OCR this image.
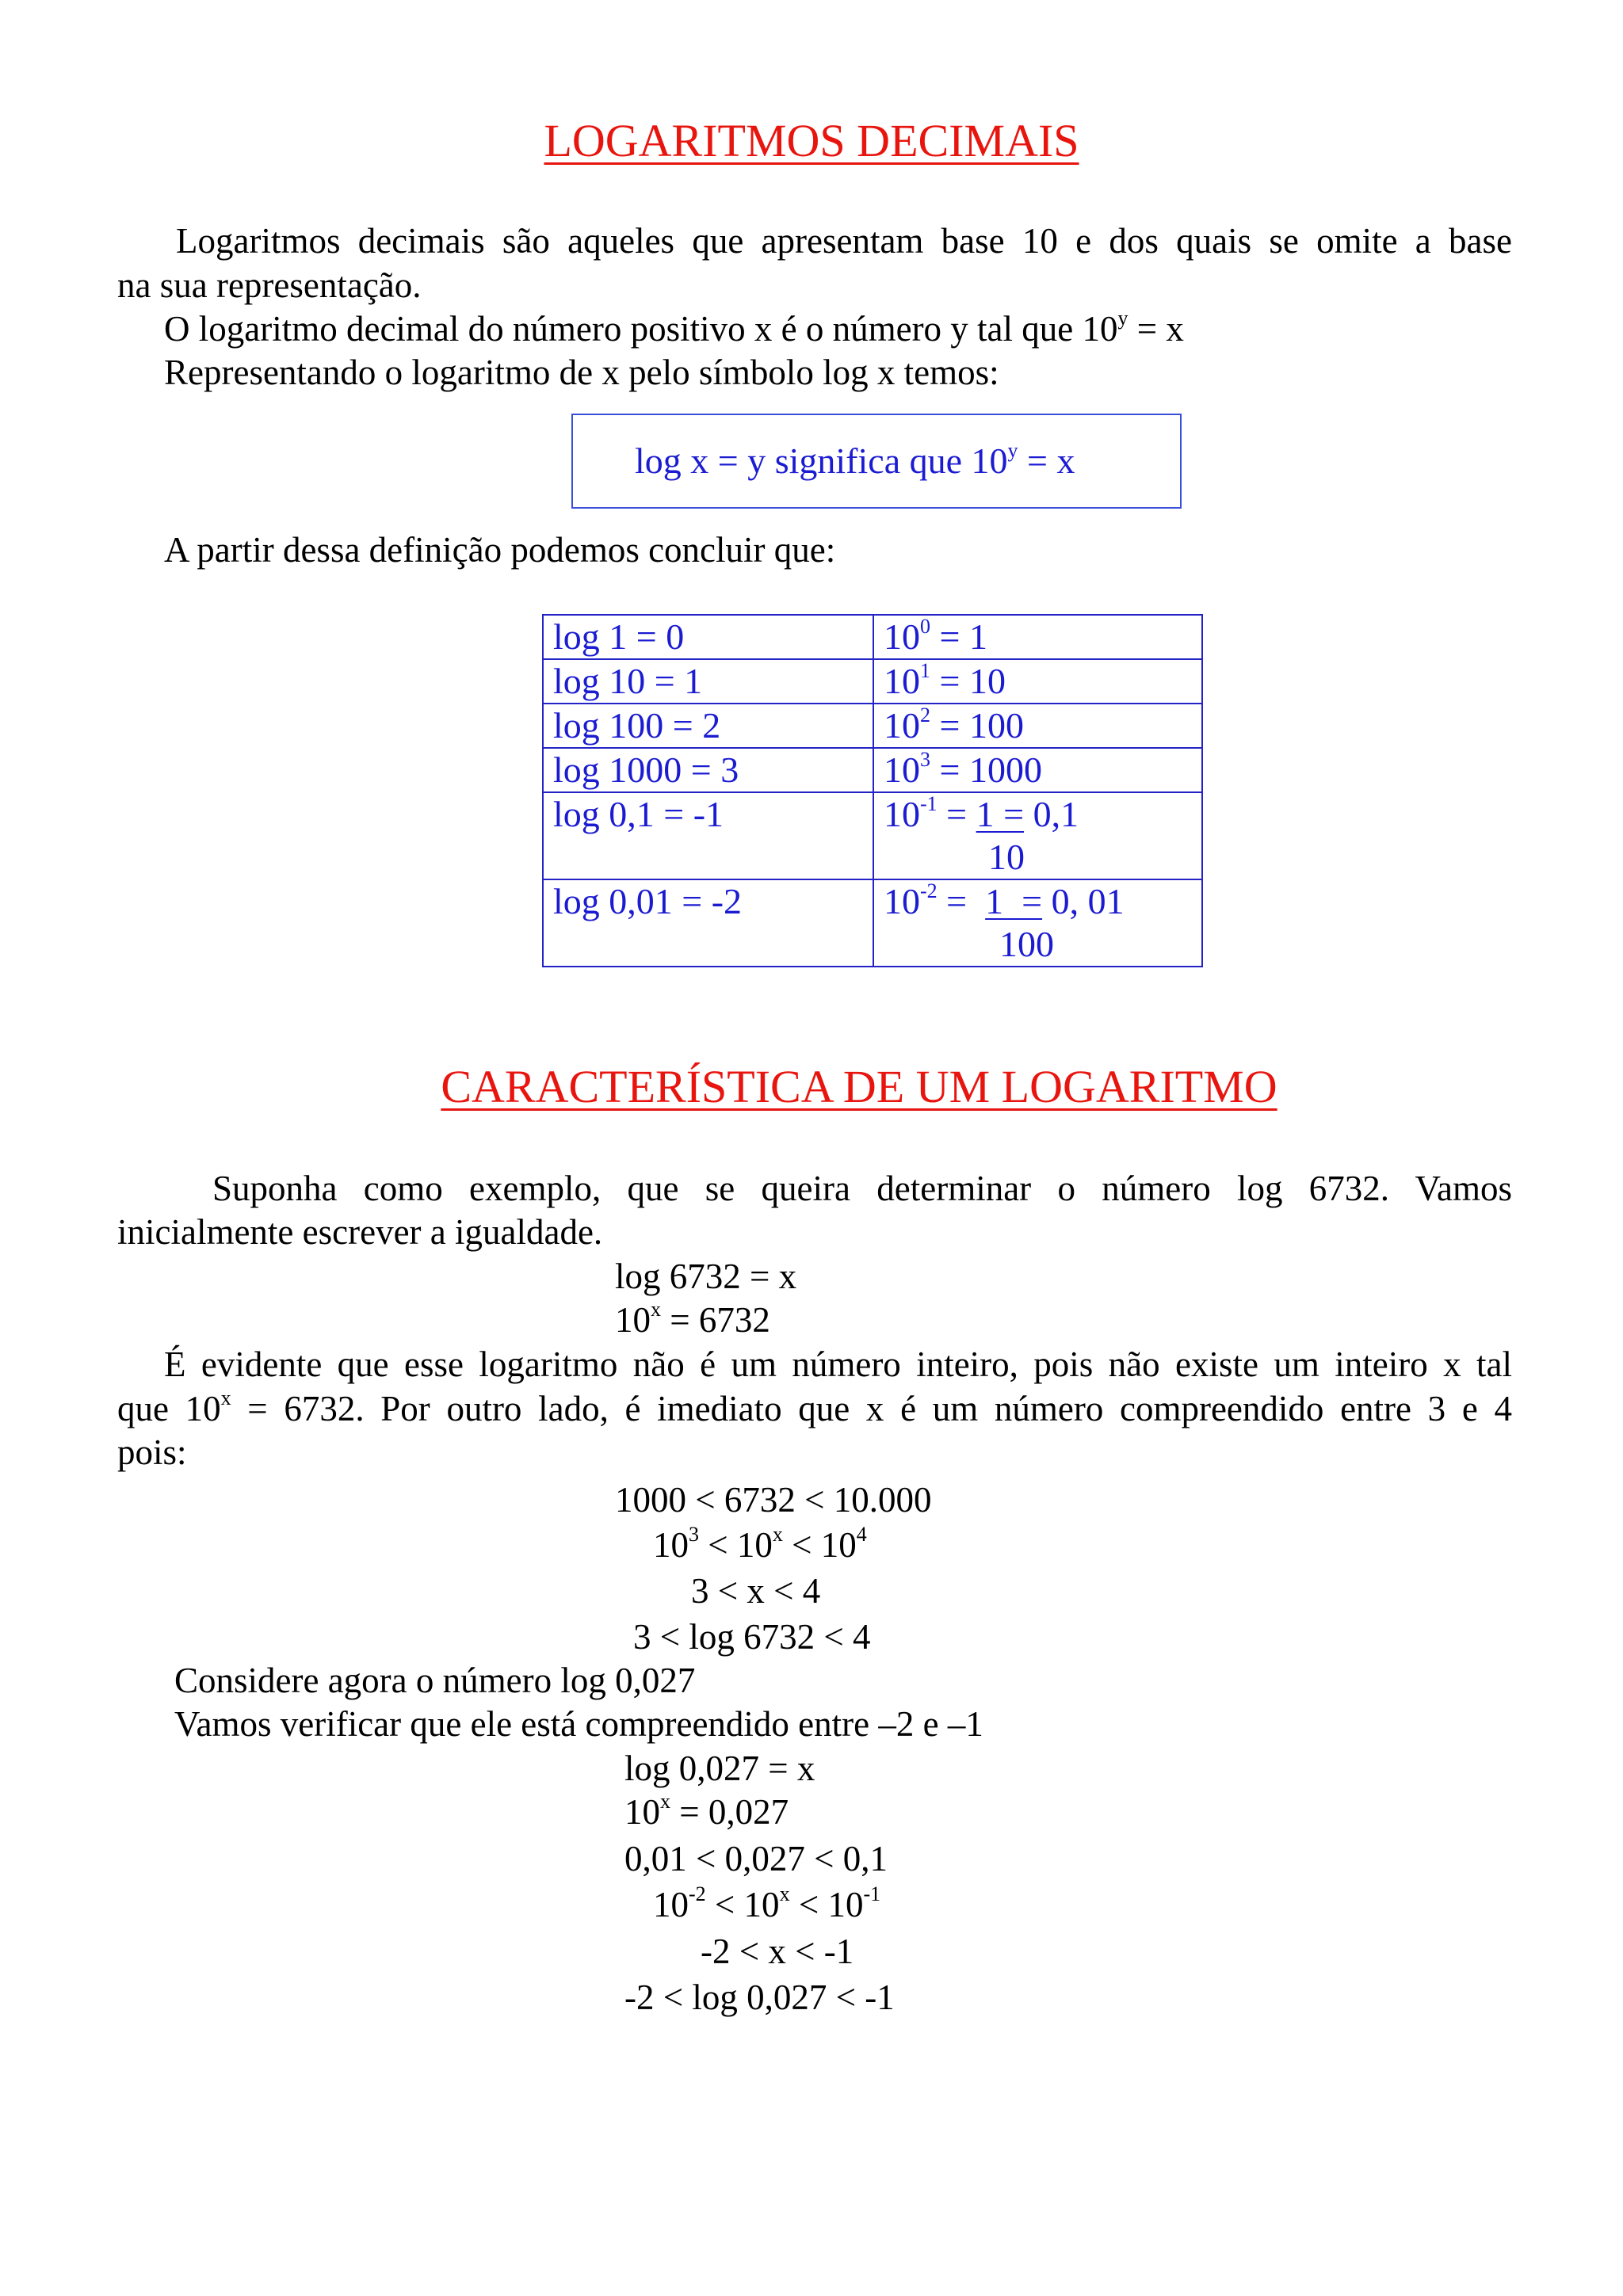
LOGARITMOS DECIMAIS
Logaritmos decimais são aqueles que apresentam base 10 e dos quais se omite a base
na sua representação.
O logaritmo decimal do número positivo x é o número y tal que $10^y = x$
Representando o logaritmo de x pelo símbolo log x temos:
log x = y significa que $10^y = x$
A partir dessa definição podemos concluir que:
log 1 = 0	$10^0 = 1$
log 10 = 1	$10^1 = 10$
log 100 = 2	$10^2 = 100$
log 1000 = 3	$10^3 = 1000$
log 0,1 = -1	$10^{-1} = 1 = 0,1$
10

log 0,01 = -2	$10^{-2} = 1 = 0$, 01
100
CARACTERÍSTICA DE UM LOGARITMO
Suponha como exemplo, que se queira determinar o número log 6732. Vamos
inicialmente escrever a igualdade.
log 6732 = x
$10^x = 6732$
É evidente que esse logaritmo não é um número inteiro, pois não existe um inteiro x tal
que $10^x = 6732$. Por outro lado, é imediato que x é um número compreendido entre 3 e 4
pois:
1000 < 6732 < 10.000
$10^3 < 10^x < 10^4$
3 < x < 4
3 < log 6732 < 4
Considere agora o número log 0,027
Vamos verificar que ele está compreendido entre –2 e –1
log 0,027 = x
$10^x = 0,027$
0,01 < 0,027 < 0,1
$10^{-2} < 10^x < 10^{-1}$
-2 < x < -1
-2 < log 0,027 < -1
